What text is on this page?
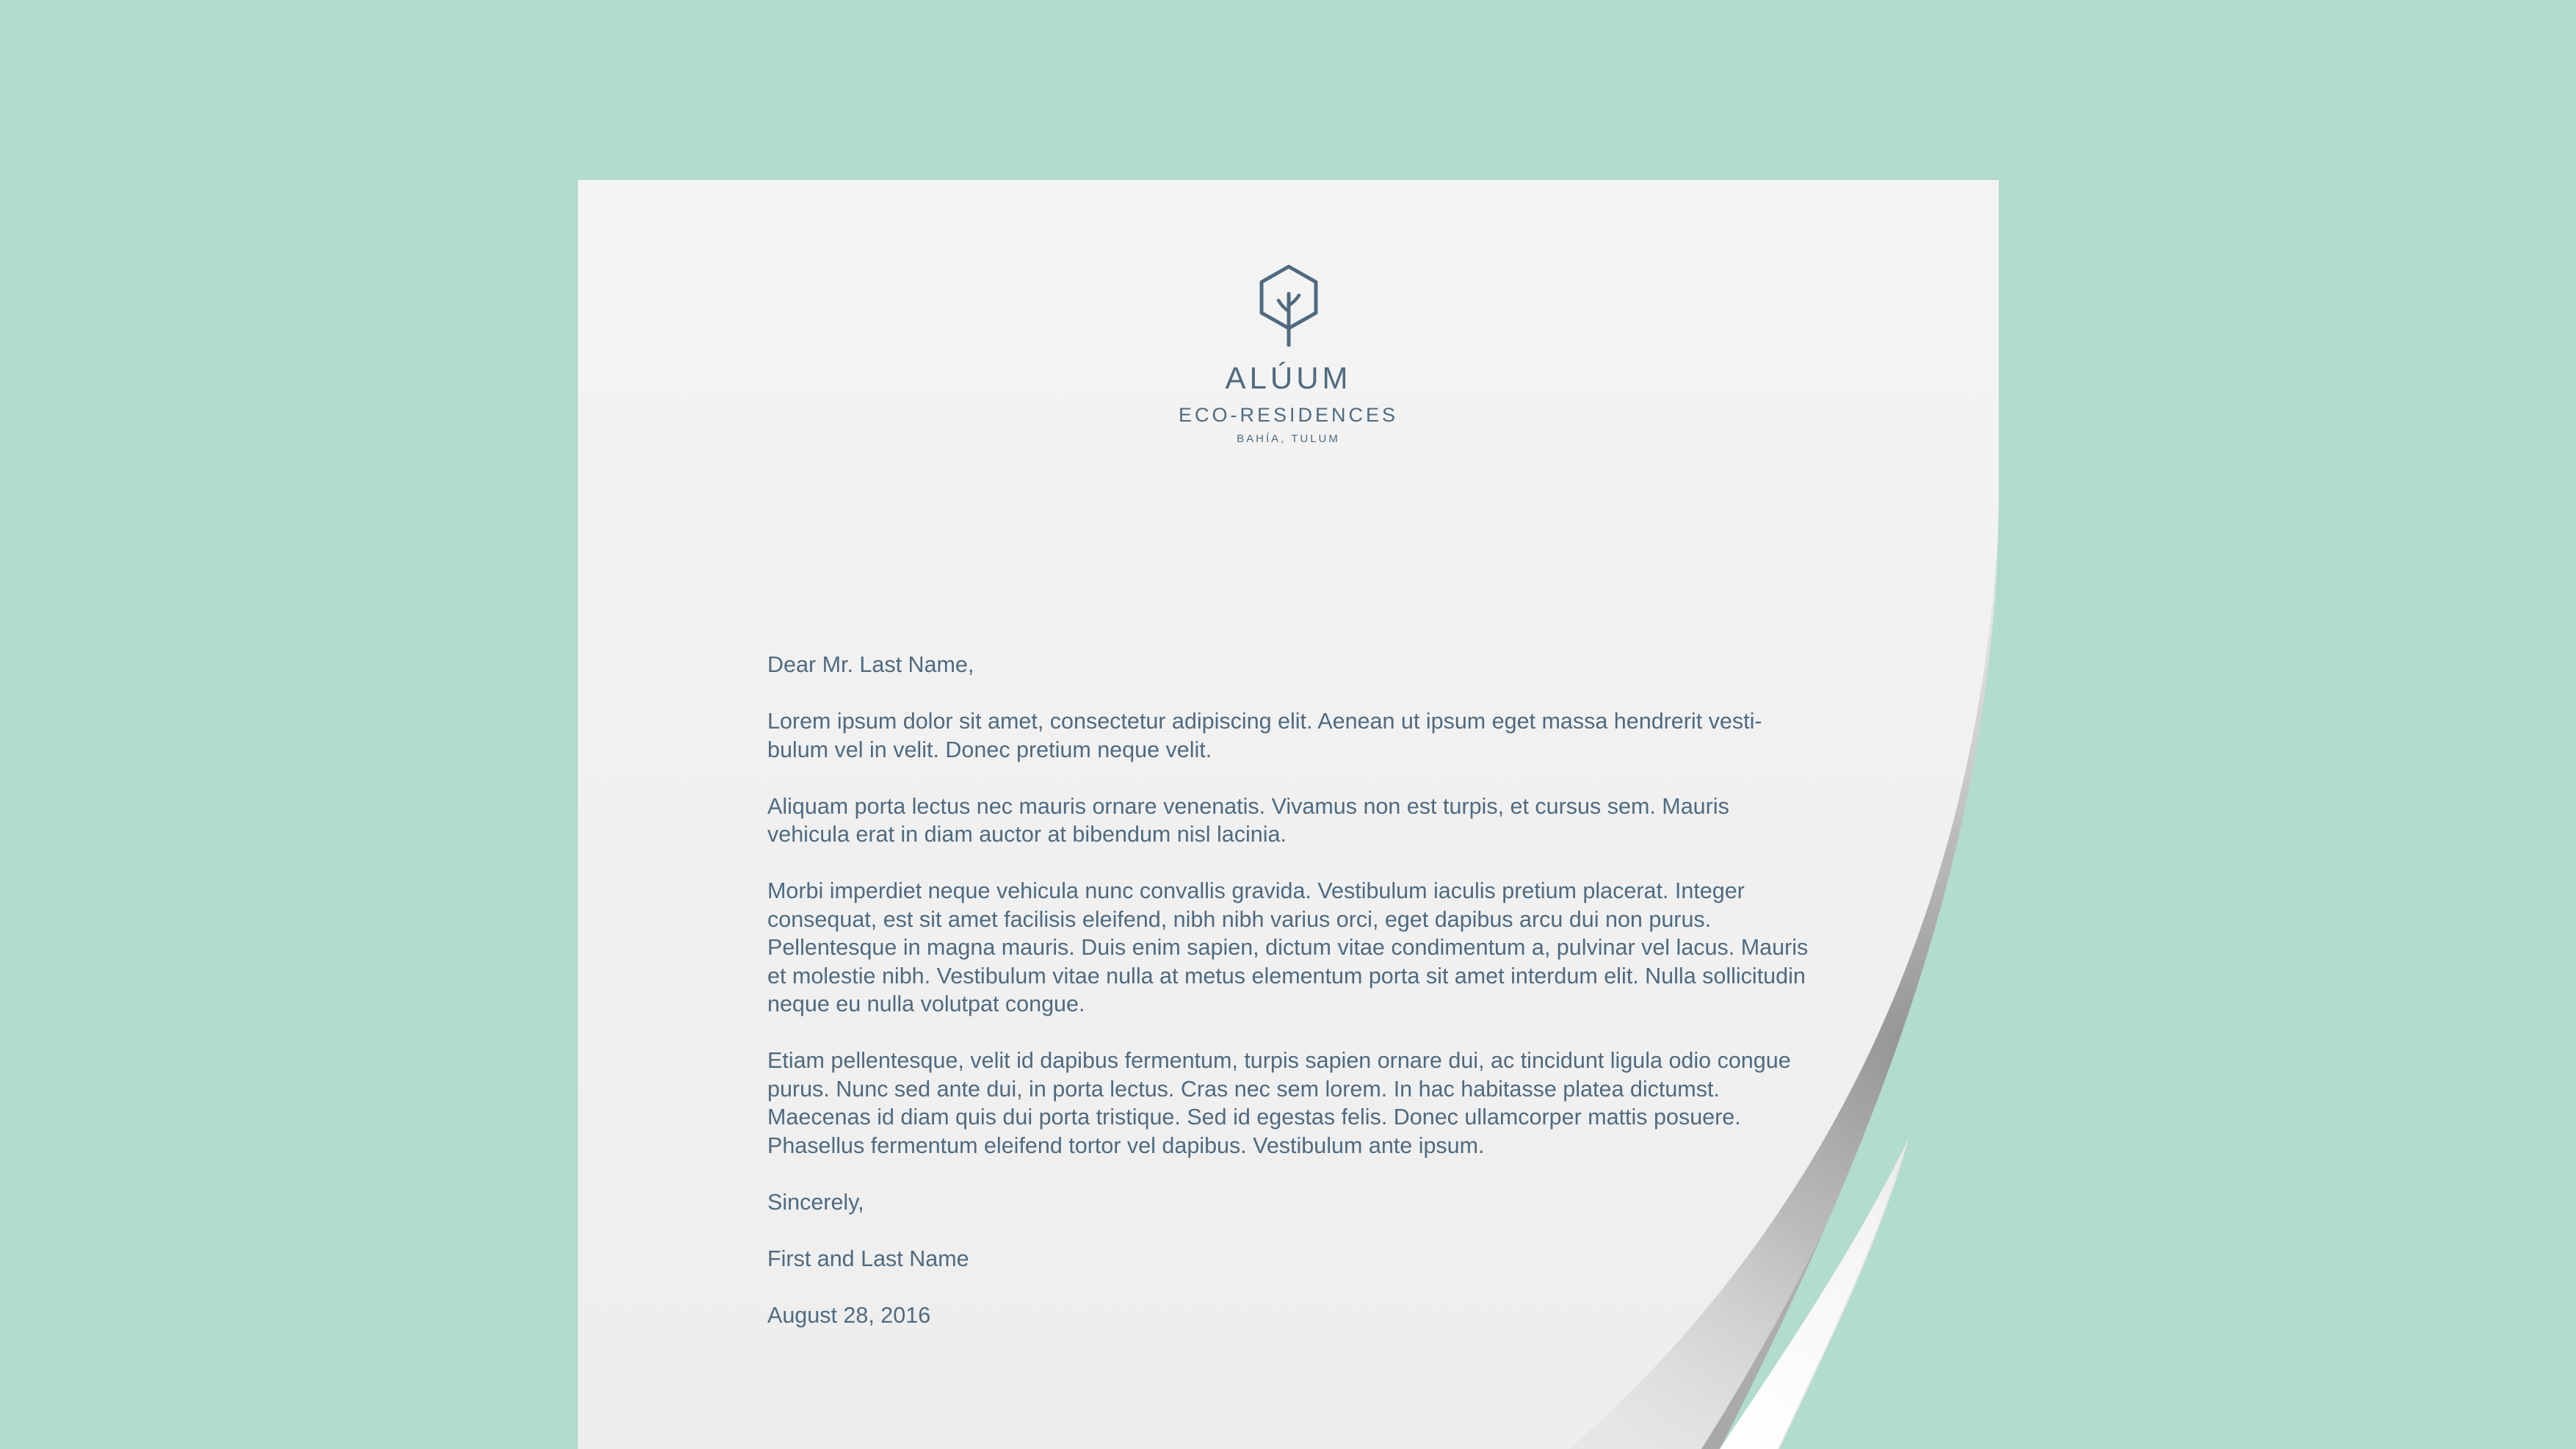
ALÚUM
ECO-RESIDENCES
BAHÍA, TULUM

Dear Mr. Last Name,

Lorem ipsum dolor sit amet, consectetur adipiscing elit. Aenean ut ipsum eget massa hendrerit vesti-bulum vel in velit. Donec pretium neque velit.

Aliquam porta lectus nec mauris ornare venenatis. Vivamus non est turpis, et cursus sem. Mauris vehicula erat in diam auctor at bibendum nisl lacinia.

Morbi imperdiet neque vehicula nunc convallis gravida. Vestibulum iaculis pretium placerat. Integer consequat, est sit amet facilisis eleifend, nibh nibh varius orci, eget dapibus arcu dui non purus. Pellentesque in magna mauris. Duis enim sapien, dictum vitae condimentum a, pulvinar vel lacus. Mauris et molestie nibh. Vestibulum vitae nulla at metus elementum porta sit amet interdum elit. Nulla sollicitudin neque eu nulla volutpat congue.

Etiam pellentesque, velit id dapibus fermentum, turpis sapien ornare dui, ac tincidunt ligula odio congue purus. Nunc sed ante dui, in porta lectus. Cras nec sem lorem. In hac habitasse platea dictumst. Maecenas id diam quis dui porta tristique. Sed id egestas felis. Donec ullamcorper mattis posuere. Phasellus fermentum eleifend tortor vel dapibus. Vestibulum ante ipsum.

Sincerely,

First and Last Name

August 28, 2016
